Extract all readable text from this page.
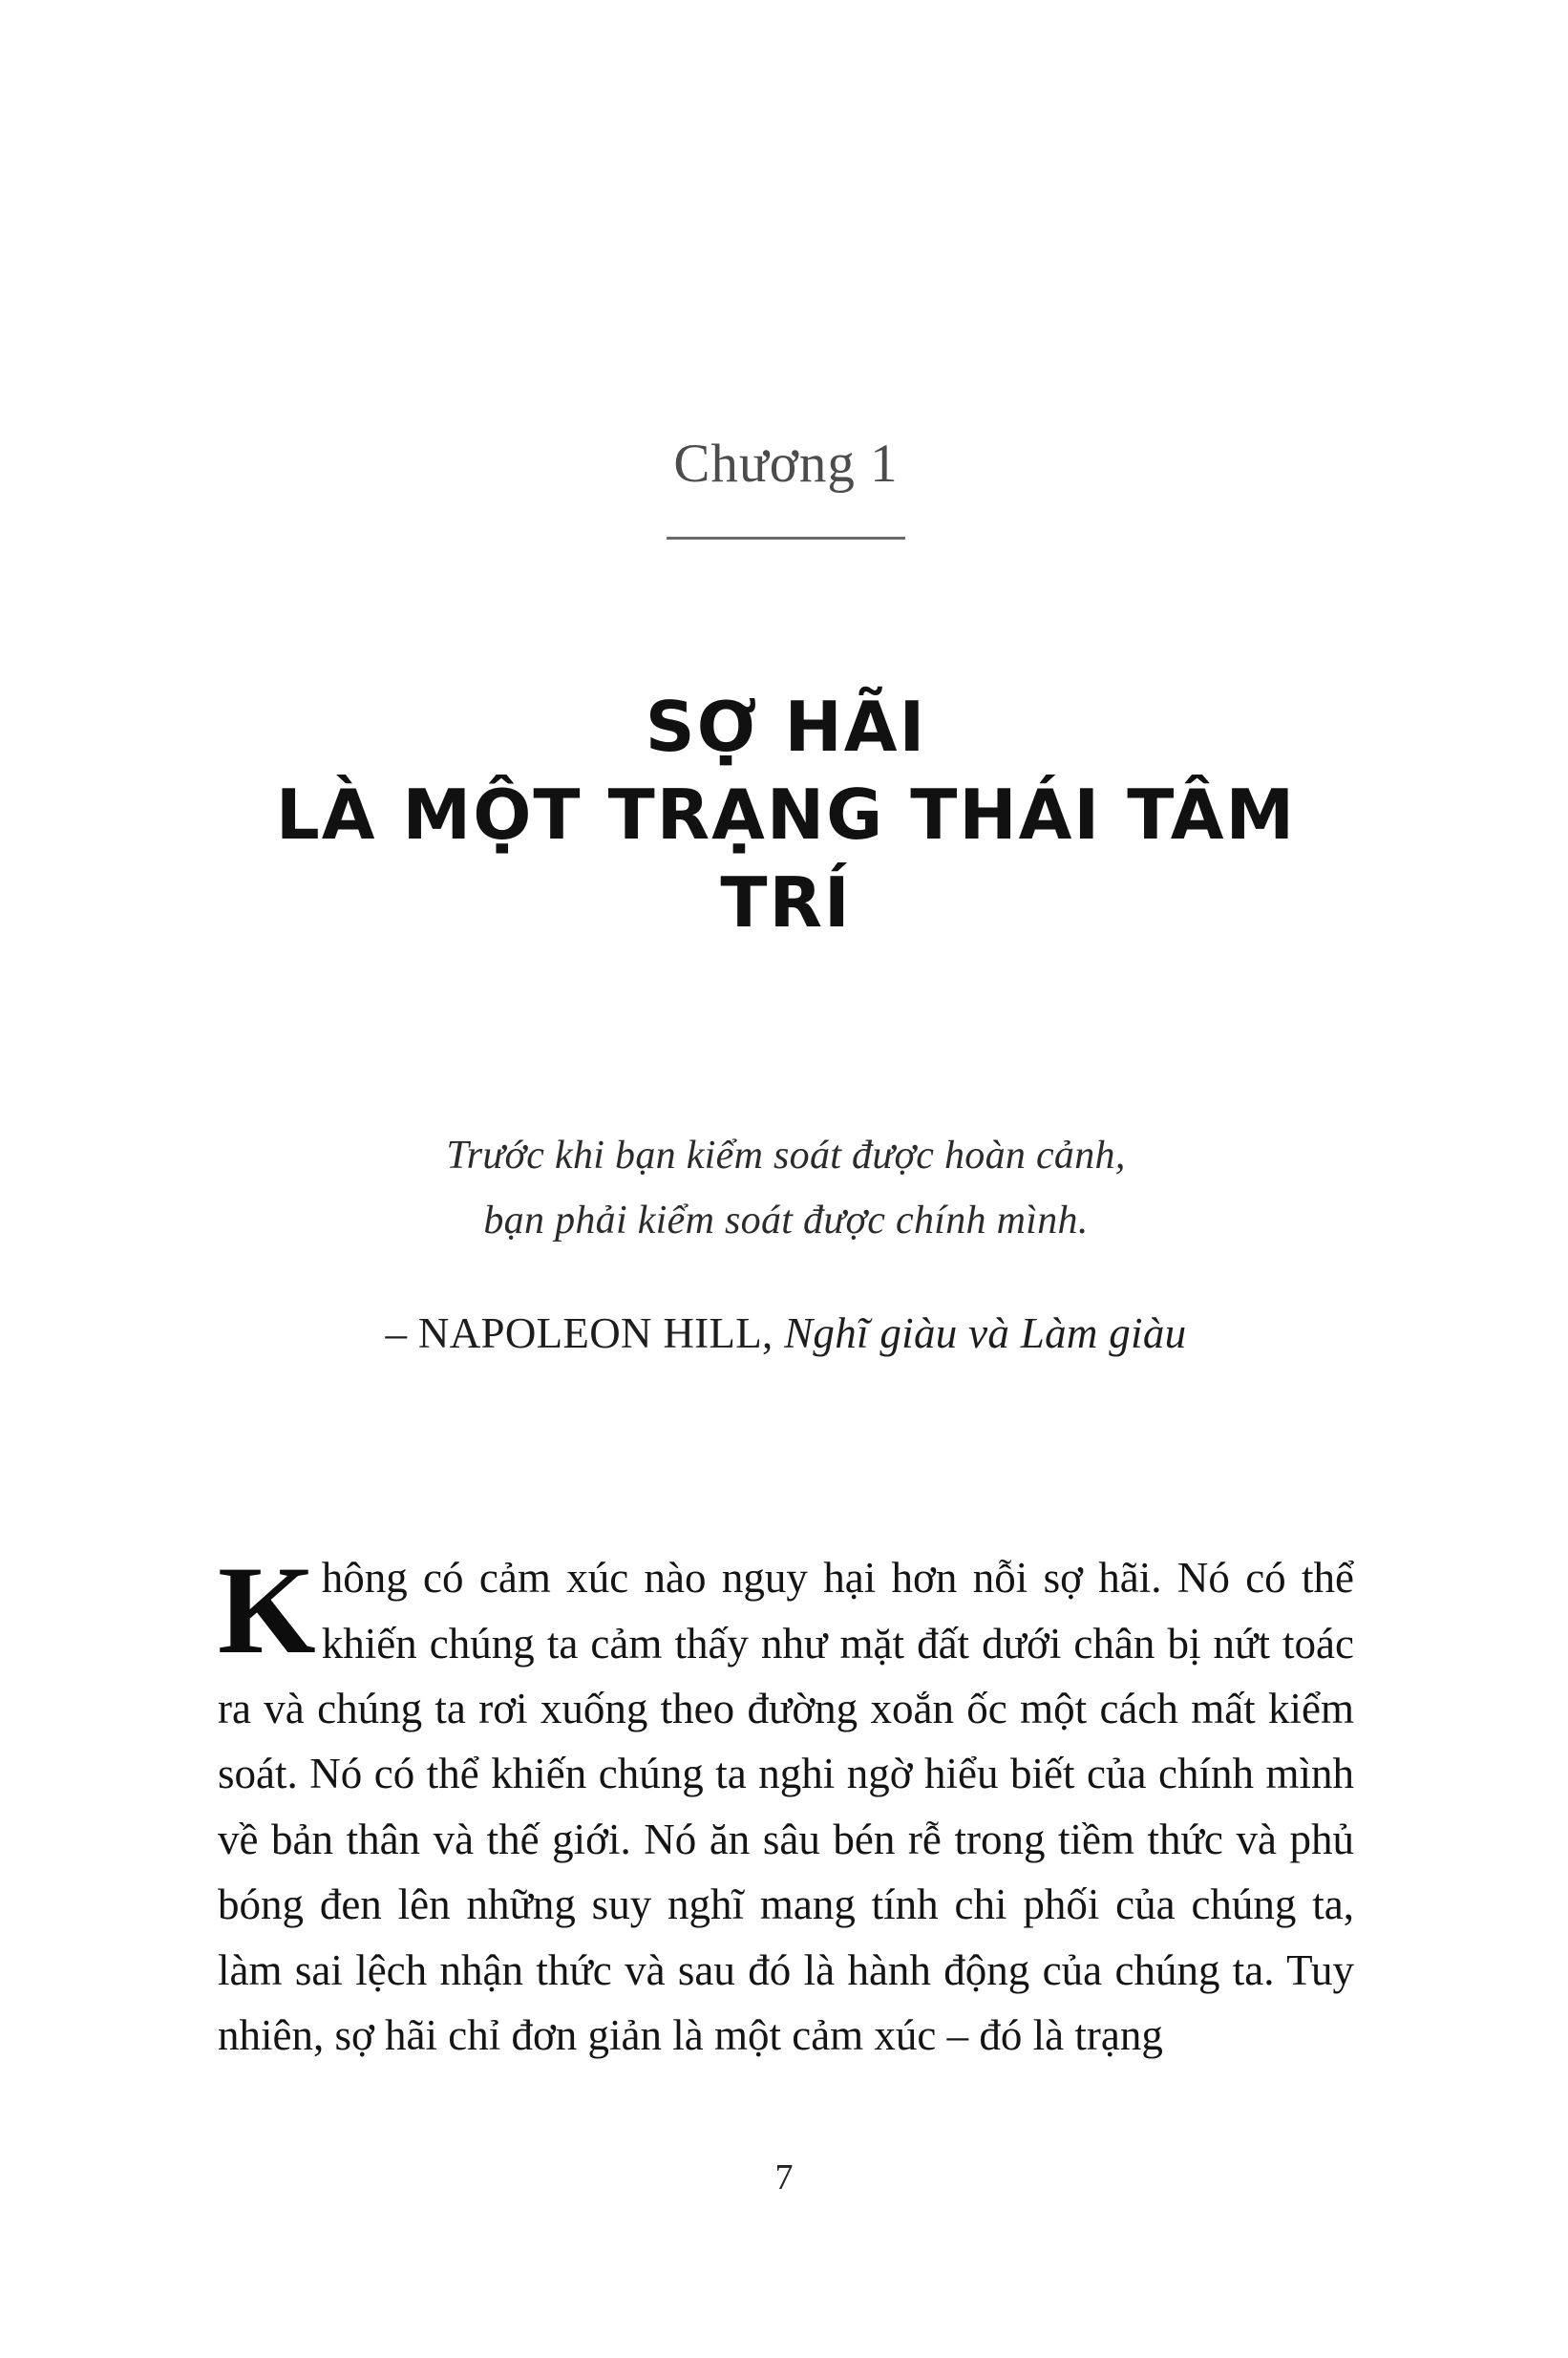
Chương 1
SỢ HÃI
LÀ MỘT TRẠNG THÁI TÂM TRÍ
Trước khi bạn kiểm soát được hoàn cảnh,
bạn phải kiểm soát được chính mình.
– NAPOLEON HILL, Nghĩ giàu và Làm giàu

Không có cảm xúc nào nguy hại hơn nỗi sợ hãi. Nó có thể khiến chúng ta cảm thấy như mặt đất dưới chân bị nứt toác ra và chúng ta rơi xuống theo đường xoắn ốc một cách mất kiểm soát. Nó có thể khiến chúng ta nghi ngờ hiểu biết của chính mình về bản thân và thế giới. Nó ăn sâu bén rễ trong tiềm thức và phủ bóng đen lên những suy nghĩ mang tính chi phối của chúng ta, làm sai lệch nhận thức và sau đó là hành động của chúng ta. Tuy nhiên, sợ hãi chỉ đơn giản là một cảm xúc – đó là trạng

7
